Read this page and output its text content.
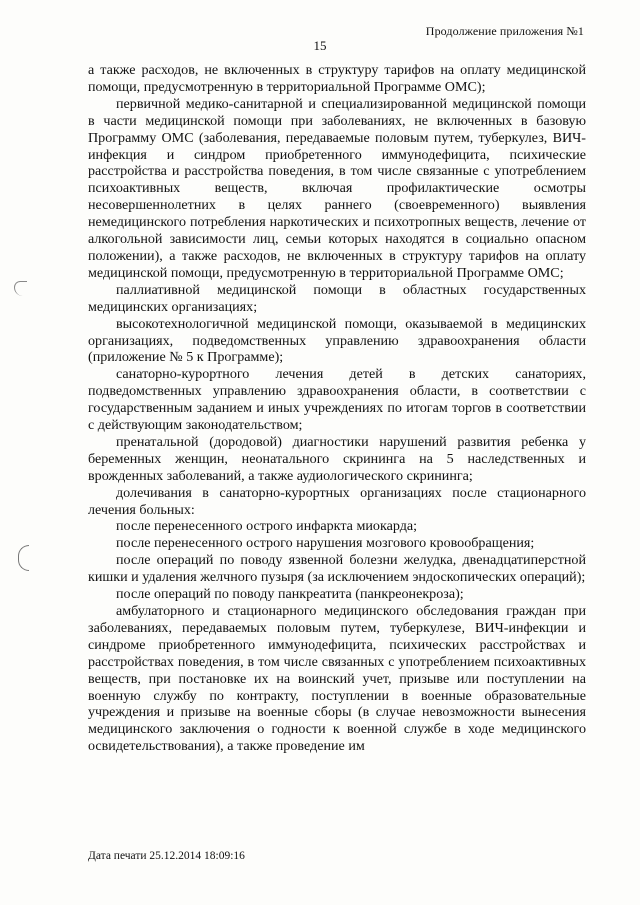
Продолжение приложения №1
15

а также расходов, не включенных в структуру тарифов на оплату медицинской помощи, предусмотренную в территориальной Программе ОМС);

первичной медико-санитарной и специализированной медицинской помощи в части медицинской помощи при заболеваниях, не включенных в базовую Программу ОМС (заболевания, передаваемые половым путем, туберкулез, ВИЧ-инфекция и синдром приобретенного иммунодефицита, психические расстройства и расстройства поведения, в том числе связанные с употреблением психоактивных веществ, включая профилактические осмотры несовершеннолетних в целях раннего (своевременного) выявления немедицинского потребления наркотических и психотропных веществ, лечение от алкогольной зависимости лиц, семьи которых находятся в социально опасном положении), а также расходов, не включенных в структуру тарифов на оплату медицинской помощи, предусмотренную в территориальной Программе ОМС;

паллиативной медицинской помощи в областных государственных медицинских организациях;

высокотехнологичной медицинской помощи, оказываемой в медицинских организациях, подведомственных управлению здравоохранения области (приложение № 5 к Программе);

санаторно-курортного лечения детей в детских санаториях, подведомственных управлению здравоохранения области, в соответствии с государственным заданием и иных учреждениях по итогам торгов в соответствии с действующим законодательством;

пренатальной (дородовой) диагностики нарушений развития ребенка у беременных женщин, неонатального скрининга на 5 наследственных и врожденных заболеваний, а также аудиологического скрининга;

долечивания в санаторно-курортных организациях после стационарного лечения больных:

после перенесенного острого инфаркта миокарда;

после перенесенного острого нарушения мозгового кровообращения;

после операций по поводу язвенной болезни желудка, двенадцатиперстной кишки и удаления желчного пузыря (за исключением эндоскопических операций);

после операций по поводу панкреатита (панкреонекроза);

амбулаторного и стационарного медицинского обследования граждан при заболеваниях, передаваемых половым путем, туберкулезе, ВИЧ-инфекции и синдроме приобретенного иммунодефицита, психических расстройствах и расстройствах поведения, в том числе связанных с употреблением психоактивных веществ, при постановке их на воинский учет, призыве или поступлении на военную службу по контракту, поступлении в военные образовательные учреждения и призыве на военные сборы (в случае невозможности вынесения медицинского заключения о годности к военной службе в ходе медицинского освидетельствования), а также проведение им

Дата печати 25.12.2014 18:09:16
